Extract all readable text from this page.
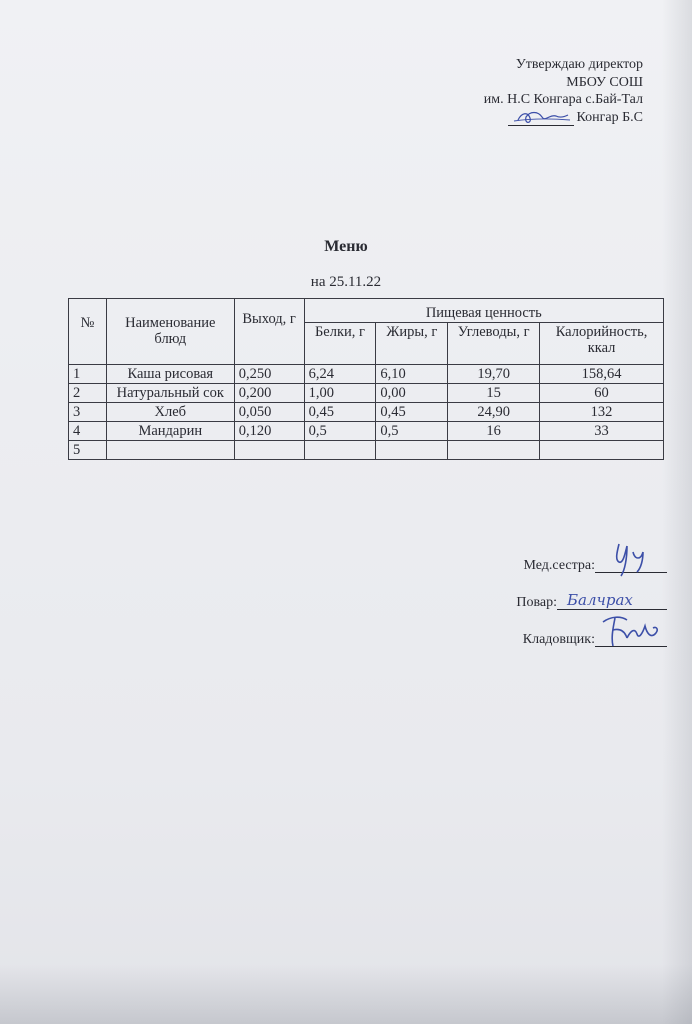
Утверждаю директор
МБОУ СОШ
им. Н.С Конгара с.Бай-Тал
Конгар Б.С
Меню
на 25.11.22
№	Наименование блюд	Выход, г	Пищевая ценность			
			Белки, г	Жиры, г	Углеводы, г	Калорийность, ккал
1	Каша рисовая	0,250	6,24	6,10	19,70	158,64
2	Натуральный сок	0,200	1,00	0,00	15	60
3	Хлеб	0,050	0,45	0,45	24,90	132
4	Мандарин	0,120	0,5	0,5	16	33
5						
Мед.сестра:
Повар: Балчрах
Кладовщик:
